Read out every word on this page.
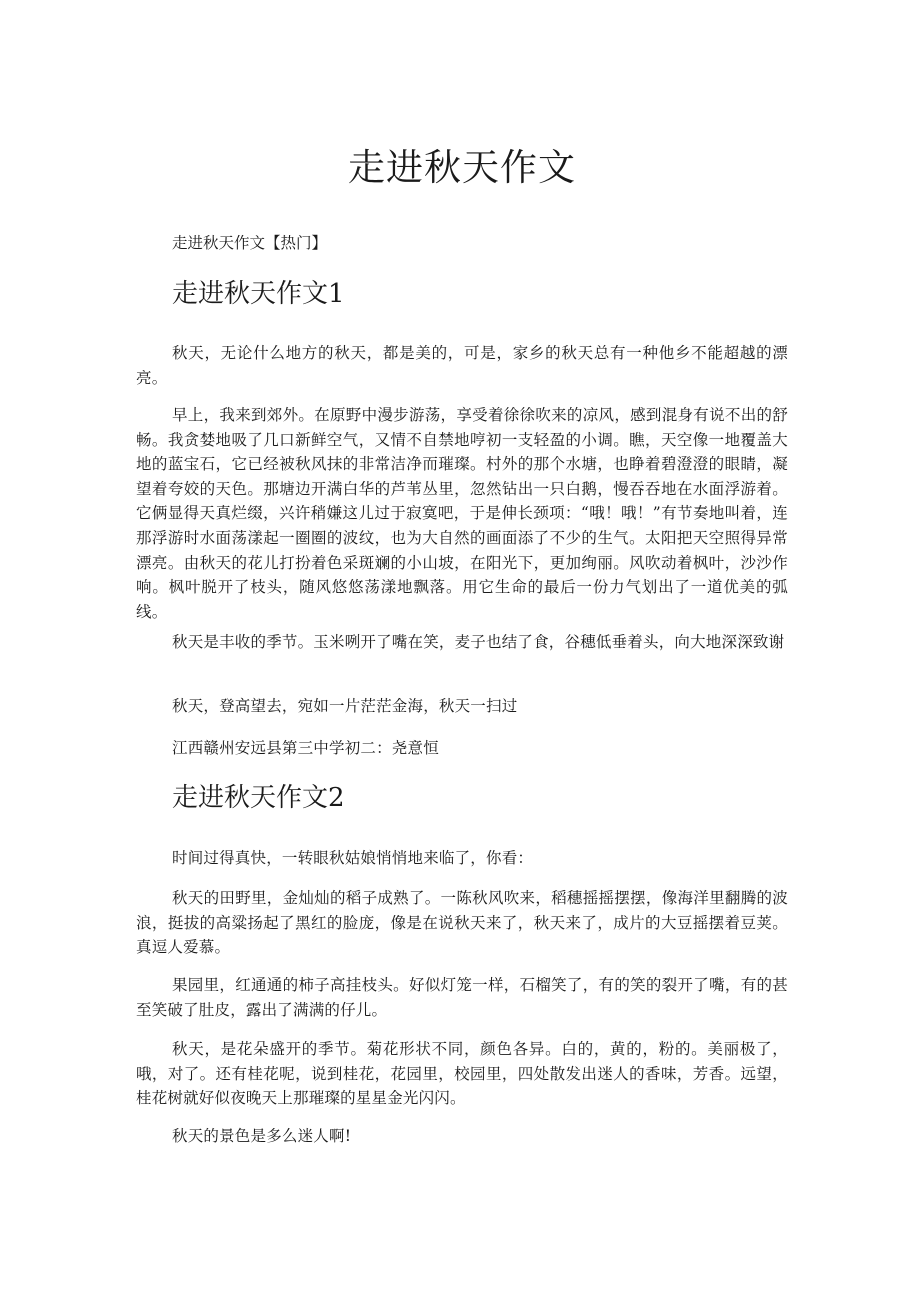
走进秋天作文

走进秋天作文【热门】

走进秋天作文1

秋天，无论什么地方的秋天，都是美的，可是，家乡的秋天总有一种他乡不能超越的漂亮。

早上，我来到郊外。在原野中漫步游荡，享受着徐徐吹来的凉风，感到混身有说不出的舒畅。我贪婪地吸了几口新鲜空气，又情不自禁地哼初一支轻盈的小调。瞧，天空像一地覆盖大地的蓝宝石，它已经被秋风抹的非常洁净而璀璨。村外的那个水塘，也睁着碧澄澄的眼睛，凝望着夸姣的天色。那塘边开满白华的芦苇丛里，忽然钻出一只白鹅，慢吞吞地在水面浮游着。它俩显得天真烂缀，兴许稍嫌这儿过于寂寞吧，于是伸长颈项：“哦！哦！”有节奏地叫着，连那浮游时水面荡漾起一圈圈的波纹，也为大自然的画面添了不少的生气。太阳把天空照得异常漂亮。由秋天的花儿打扮着色采斑斓的小山坡，在阳光下，更加绚丽。风吹动着枫叶，沙沙作响。枫叶脱开了枝头，随风悠悠荡漾地飘落。用它生命的最后一份力气划出了一道优美的弧线。

秋天是丰收的季节。玉米咧开了嘴在笑，麦子也结了食，谷穗低垂着头，向大地深深致谢

秋天，登高望去，宛如一片茫茫金海，秋天一扫过

江西赣州安远县第三中学初二：尧意恒

走进秋天作文2

时间过得真快，一转眼秋姑娘悄悄地来临了，你看：

秋天的田野里，金灿灿的稻子成熟了。一陈秋风吹来，稻穗摇摇摆摆，像海洋里翻腾的波浪，挺拔的高粱扬起了黑红的脸庞，像是在说秋天来了，秋天来了，成片的大豆摇摆着豆荚。真逗人爱慕。

果园里，红通通的柿子高挂枝头。好似灯笼一样，石榴笑了，有的笑的裂开了嘴，有的甚至笑破了肚皮，露出了满满的仔儿。

秋天，是花朵盛开的季节。菊花形状不同，颜色各异。白的，黄的，粉的。美丽极了，哦，对了。还有桂花呢，说到桂花，花园里，校园里，四处散发出迷人的香味，芳香。远望，桂花树就好似夜晚天上那璀璨的星星金光闪闪。

秋天的景色是多么迷人啊!
